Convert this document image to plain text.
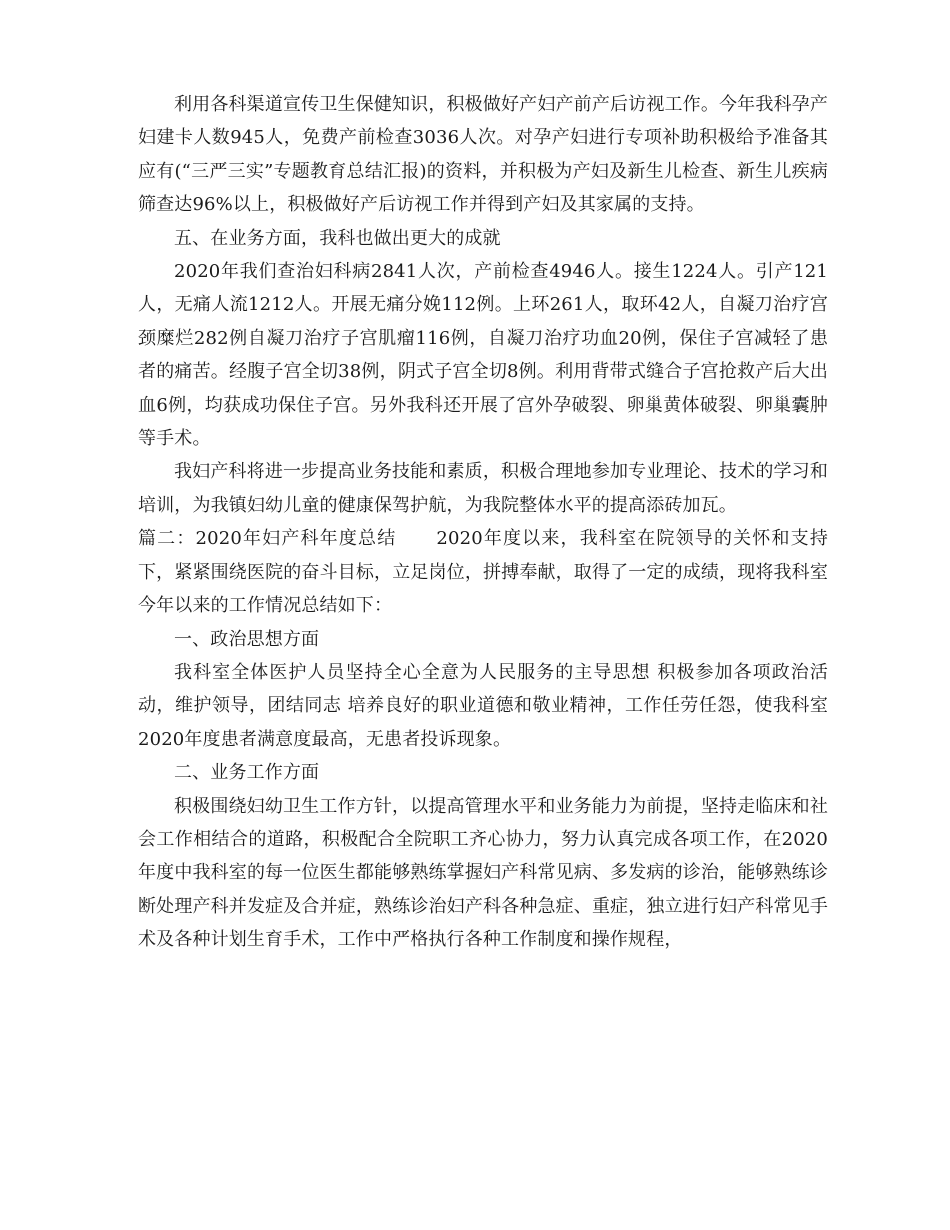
利用各科渠道宣传卫生保健知识，积极做好产妇产前产后访视工作。今年我科孕产妇建卡人数945人，免费产前检查3036人次。对孕产妇进行专项补助积极给予准备其应有(“三严三实”专题教育总结汇报)的资料，并积极为产妇及新生儿检查、新生儿疾病筛查达96%以上，积极做好产后访视工作并得到产妇及其家属的支持。

五、在业务方面，我科也做出更大的成就

2020年我们查治妇科病2841人次，产前检查4946人。接生1224人。引产121人，无痛人流1212人。开展无痛分娩112例。上环261人，取环42人，自凝刀治疗宫颈糜烂282例自凝刀治疗子宫肌瘤116例，自凝刀治疗功血20例，保住子宫减轻了患者的痛苦。经腹子宫全切38例，阴式子宫全切8例。利用背带式缝合子宫抢救产后大出血6例，均获成功保住子宫。另外我科还开展了宫外孕破裂、卵巢黄体破裂、卵巢囊肿等手术。

我妇产科将进一步提高业务技能和素质，积极合理地参加专业理论、技术的学习和培训，为我镇妇幼儿童的健康保驾护航，为我院整体水平的提高添砖加瓦。

篇二：2020年妇产科年度总结 2020年度以来，我科室在院领导的关怀和支持下，紧紧围绕医院的奋斗目标，立足岗位，拼搏奉献，取得了一定的成绩，现将我科室今年以来的工作情况总结如下：

一、政治思想方面

我科室全体医护人员坚持全心全意为人民服务的主导思想 积极参加各项政治活动，维护领导，团结同志 培养良好的职业道德和敬业精神，工作任劳任怨，使我科室2020年度患者满意度最高，无患者投诉现象。

二、业务工作方面

积极围绕妇幼卫生工作方针，以提高管理水平和业务能力为前提，坚持走临床和社会工作相结合的道路，积极配合全院职工齐心协力，努力认真完成各项工作，在2020年度中我科室的每一位医生都能够熟练掌握妇产科常见病、多发病的诊治，能够熟练诊断处理产科并发症及合并症，熟练诊治妇产科各种急症、重症，独立进行妇产科常见手术及各种计划生育手术，工作中严格执行各种工作制度和操作规程，
